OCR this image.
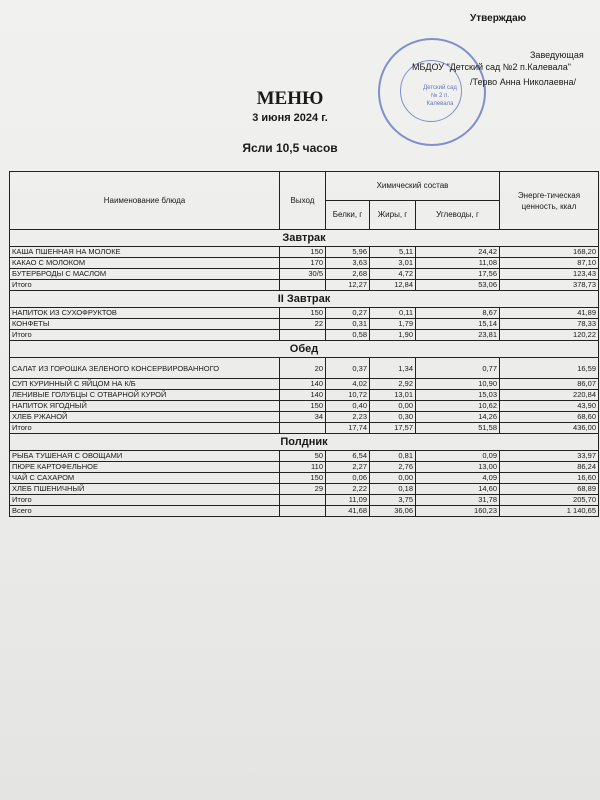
Утверждаю
Детский сад № 2 п. Калевала
Заведующая
МБДОУ "Детский сад №2 п.Калевала"
/Терво Анна Николаевна/
МЕНЮ
3 июня 2024 г.
Ясли 10,5 часов
Наименование блюда	Выход	Химический состав			Энерге-тическая ценность, ккал
		Белки, г	Жиры, г	Углеводы, г	
Завтрак					
КАША ПШЕННАЯ НА МОЛОКЕ	150	5,96	5,11	24,42	168,20
КАКАО С МОЛОКОМ	170	3,63	3,01	11,08	87,10
БУТЕРБРОДЫ С МАСЛОМ	30/5	2,68	4,72	17,56	123,43
Итого		12,27	12,84	53,06	378,73
II Завтрак					
НАПИТОК ИЗ СУХОФРУКТОВ	150	0,27	0,11	8,67	41,89
КОНФЕТЫ	22	0,31	1,79	15,14	78,33
Итого		0,58	1,90	23,81	120,22
Обед					
САЛАТ ИЗ ГОРОШКА ЗЕЛЕНОГО КОНСЕРВИРОВАННОГО	20	0,37	1,34	0,77	16,59
СУП КУРИННЫЙ С ЯЙЦОМ НА К/Б	140	4,02	2,92	10,90	86,07
ЛЕНИВЫЕ ГОЛУБЦЫ С ОТВАРНОЙ КУРОЙ	140	10,72	13,01	15,03	220,84
НАПИТОК ЯГОДНЫЙ	150	0,40	0,00	10,62	43,90
ХЛЕБ РЖАНОЙ	34	2,23	0,30	14,26	68,60
Итого		17,74	17,57	51,58	436,00
Полдник					
РЫБА ТУШЕНАЯ С ОВОЩАМИ	50	6,54	0,81	0,09	33,97
ПЮРЕ КАРТОФЕЛЬНОЕ	110	2,27	2,76	13,00	86,24
ЧАЙ С САХАРОМ	150	0,06	0,00	4,09	16,60
ХЛЕБ ПШЕНИЧНЫЙ	29	2,22	0,18	14,60	68,89
Итого		11,09	3,75	31,78	205,70
Всего		41,68	36,06	160,23	1 140,65
